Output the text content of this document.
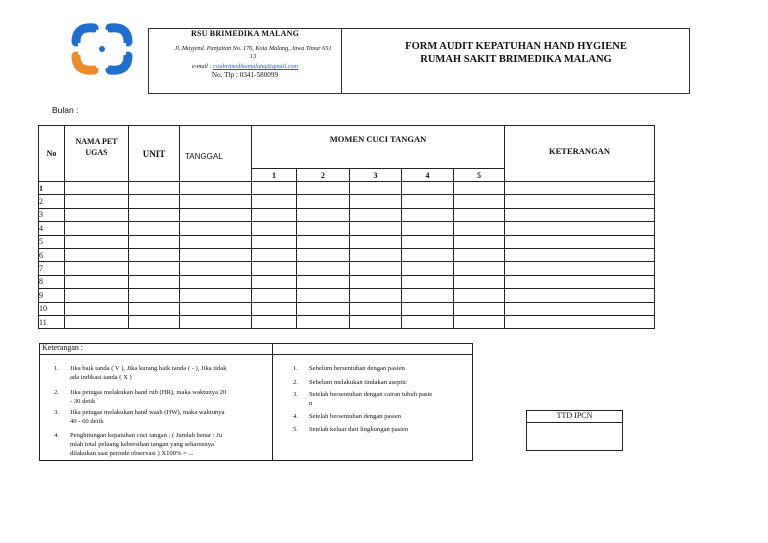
RSU BRIMEDIKA MALANG
Jl. Mayjend. Panjaitan No. 176, Kota Malang, Jawa Timur 651
13
e-mail : rsiabrimedikamalang@gmail.com
No. Tlp : 0341-580099
FORM AUDIT KEPATUHAN HAND HYGIENE
RUMAH SAKIT BRIMEDIKA MALANG
Bulan :
No	NAMA PET UGAS	UNIT	TANGGAL	MOMEN CUCI TANGAN					KETERANGAN
				1	2	3	4	5	
1									
2									
3									
4									
5									
6									
7									
8									
9									
10									
11									
Keterangan :
1. Jika baik tanda ( V ), Jika kurang baik tanda ( - ), Jika tidak
ada indikasi tanda ( X )
2. Jika petugas melakukan hand rub (HR), maka waktunya 20
- 30 detik
3. Jika petugas melakukan hand wash (HW), maka waktunya
40 - 60 detik
4. Penghitungan kepatuhan cuci tangan : ( Jumlah benar : Ju
mlah total peluang kebersihan tangan yang seharusnya
dilakukan saat periode observasi ) X100% = ...
1. Sebelum bersentuhan dengan pasien
2. Sebelum melakukan tindakan aseptic
3. Setelah bersentuhan dengan cairan tubuh pasie
n
4. Setelah bersentuhan dengan pasien
5. Setelah keluar dari lingkungan pasien
TTD IPCN
